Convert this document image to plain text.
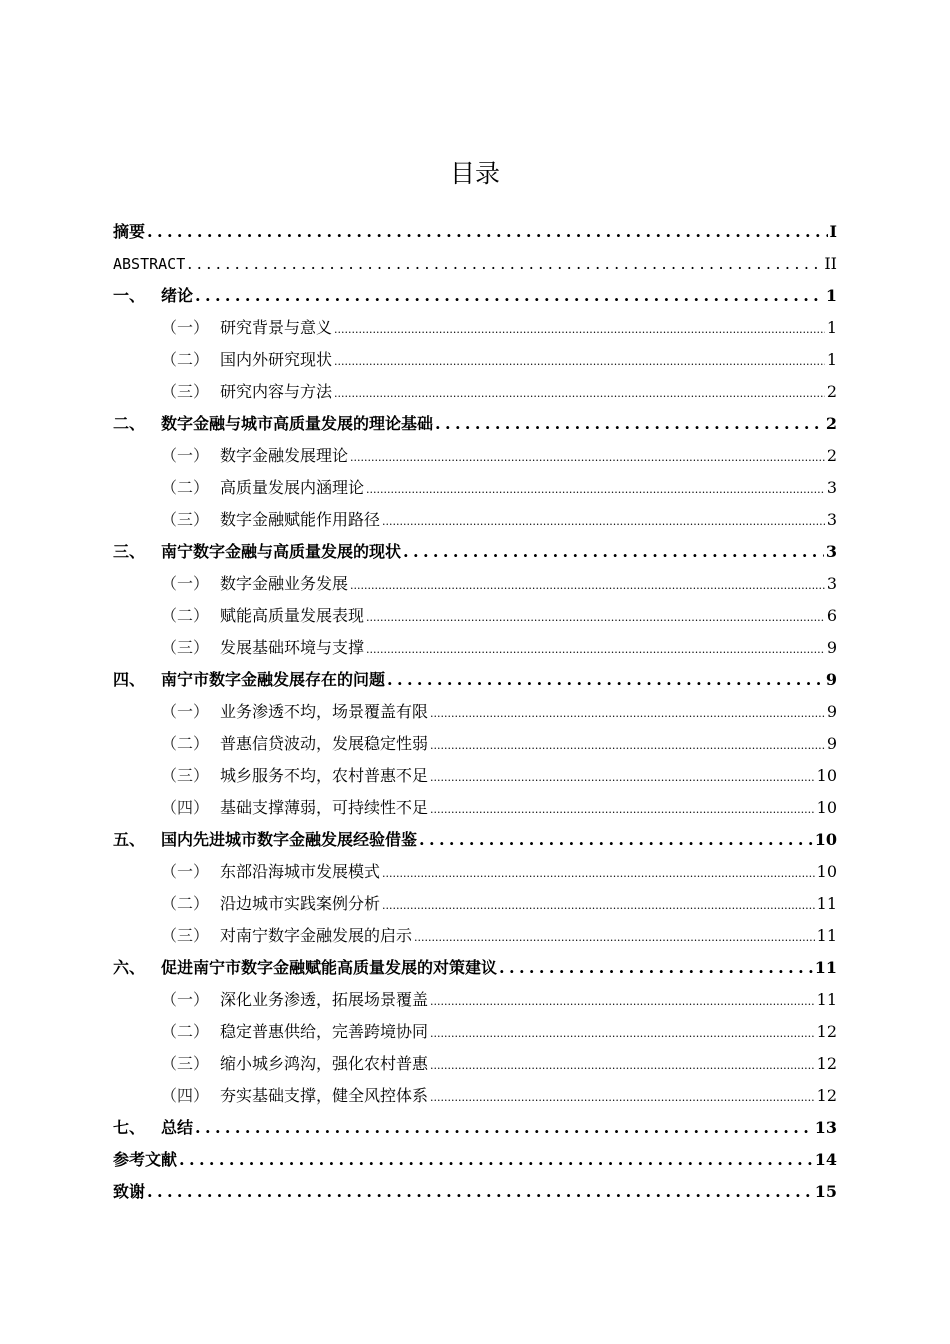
目录
摘要 .....	I
ABSTRACT .....	II
一、 绪论 .....	1
（一） 研究背景与意义 .....	1
（二） 国内外研究现状 .....	1
（三） 研究内容与方法 .....	2
二、 数字金融与城市高质量发展的理论基础 .....	2
（一） 数字金融发展理论 .....	2
（二） 高质量发展内涵理论 .....	3
（三） 数字金融赋能作用路径 .....	3
三、 南宁数字金融与高质量发展的现状 .....	3
（一） 数字金融业务发展 .....	3
（二） 赋能高质量发展表现 .....	6
（三） 发展基础环境与支撑 .....	9
四、 南宁市数字金融发展存在的问题 .....	9
（一） 业务渗透不均，场景覆盖有限 .....	9
（二） 普惠信贷波动，发展稳定性弱 .....	9
（三） 城乡服务不均，农村普惠不足 .....	10
（四） 基础支撑薄弱，可持续性不足 .....	10
五、 国内先进城市数字金融发展经验借鉴 .....	10
（一） 东部沿海城市发展模式 .....	10
（二） 沿边城市实践案例分析 .....	11
（三） 对南宁数字金融发展的启示 .....	11
六、 促进南宁市数字金融赋能高质量发展的对策建议 .....	11
（一） 深化业务渗透，拓展场景覆盖 .....	11
（二） 稳定普惠供给，完善跨境协同 .....	12
（三） 缩小城乡鸿沟，强化农村普惠 .....	12
（四） 夯实基础支撑，健全风控体系 .....	12
七、 总结 .....	13
参考文献 .....	14
致谢 .....	15
